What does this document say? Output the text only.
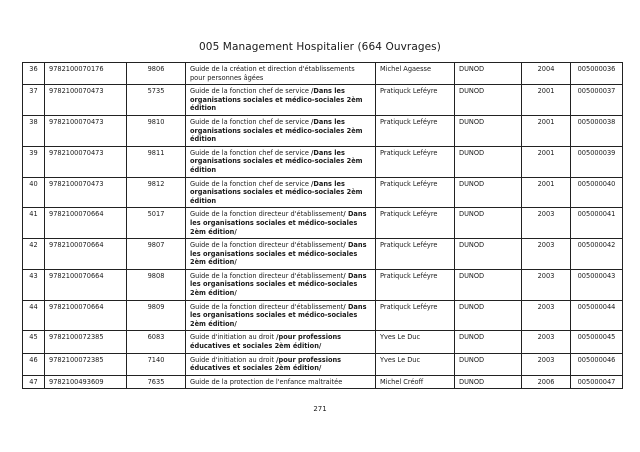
005 Management Hospitalier (664 Ouvrages)
36	9782100070176	9806	Guide de la création et direction d'établissements pour personnes âgées	Michel Agaesse	DUNOD	2004	005000036
37	9782100070473	5735	Guide de la fonction chef de service /Dans les organisations sociales et médico-sociales 2èm édition	Pratiquck Leféyre	DUNOD	2001	005000037
38	9782100070473	9810	Guide de la fonction chef de service /Dans les organisations sociales et médico-sociales 2èm édition	Pratiquck Leféyre	DUNOD	2001	005000038
39	9782100070473	9811	Guide de la fonction chef de service /Dans les organisations sociales et médico-sociales 2èm édition	Pratiquck Leféyre	DUNOD	2001	005000039
40	9782100070473	9812	Guide de la fonction chef de service /Dans les organisations sociales et médico-sociales 2èm édition	Pratiquck Leféyre	DUNOD	2001	005000040
41	9782100070664	5017	Guide de la fonction directeur d'établissement/ Dans les organisations sociales et médico-sociales 2èm édition/	Pratiquck Leféyre	DUNOD	2003	005000041
42	9782100070664	9807	Guide de la fonction directeur d'établissement/ Dans les organisations sociales et médico-sociales 2èm édition/	Pratiquck Leféyre	DUNOD	2003	005000042
43	9782100070664	9808	Guide de la fonction directeur d'établissement/ Dans les organisations sociales et médico-sociales 2èm édition/	Pratiquck Leféyre	DUNOD	2003	005000043
44	9782100070664	9809	Guide de la fonction directeur d'établissement/ Dans les organisations sociales et médico-sociales 2èm édition/	Pratiquck Leféyre	DUNOD	2003	005000044
45	9782100072385	6083	Guide d'initiation au droit /pour professions éducatives et sociales 2èm édition/	Yves Le Duc	DUNOD	2003	005000045
46	9782100072385	7140	Guide d'initiation au droit /pour professions éducatives et sociales 2èm édition/	Yves Le Duc	DUNOD	2003	005000046
47	9782100493609	7635	Guide de la protection de l'enfance maltraitée	Michel Créoff	DUNOD	2006	005000047
271
